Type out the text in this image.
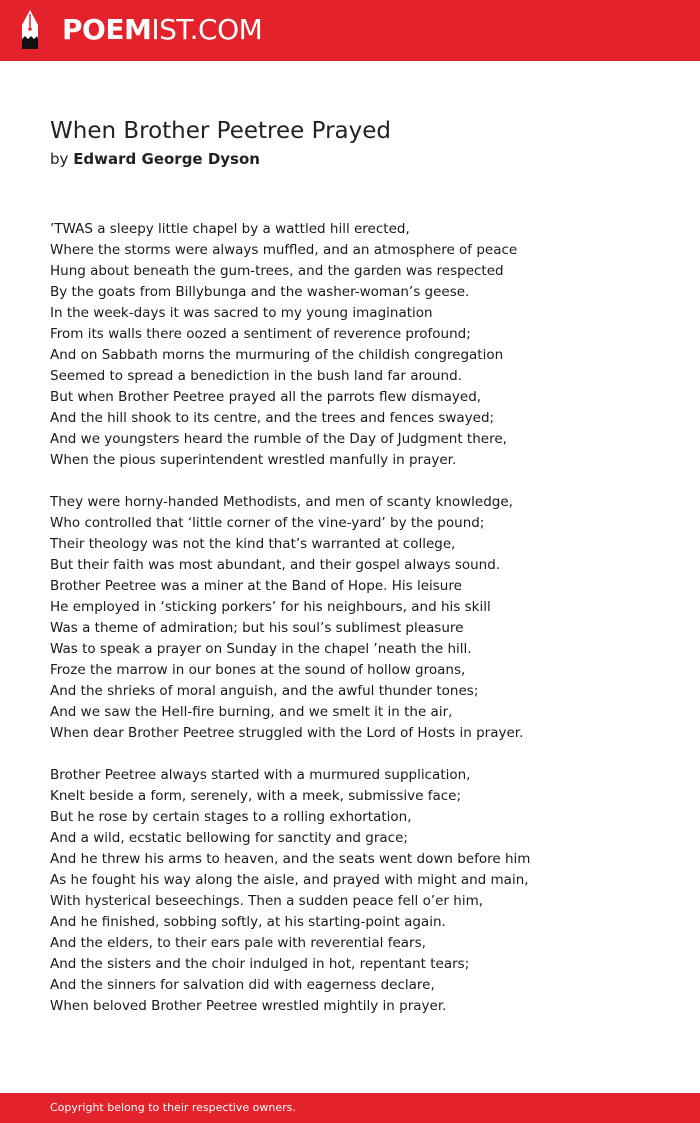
POEMIST.COM
When Brother Peetree Prayed
by Edward George Dyson
’TWAS a sleepy little chapel by a wattled hill erected,
Where the storms were always muffled, and an atmosphere of peace
Hung about beneath the gum-trees, and the garden was respected
By the goats from Billybunga and the washer-woman’s geese.
In the week-days it was sacred to my young imagination
From its walls there oozed a sentiment of reverence profound;
And on Sabbath morns the murmuring of the childish congregation
Seemed to spread a benediction in the bush land far around.
But when Brother Peetree prayed all the parrots flew dismayed,
And the hill shook to its centre, and the trees and fences swayed;
And we youngsters heard the rumble of the Day of Judgment there,
When the pious superintendent wrestled manfully in prayer.
They were horny-handed Methodists, and men of scanty knowledge,
Who controlled that ‘little corner of the vine-yard’ by the pound;
Their theology was not the kind that’s warranted at college,
But their faith was most abundant, and their gospel always sound.
Brother Peetree was a miner at the Band of Hope. His leisure
He employed in ‘sticking porkers’ for his neighbours, and his skill
Was a theme of admiration; but his soul’s sublimest pleasure
Was to speak a prayer on Sunday in the chapel ’neath the hill.
Froze the marrow in our bones at the sound of hollow groans,
And the shrieks of moral anguish, and the awful thunder tones;
And we saw the Hell-fire burning, and we smelt it in the air,
When dear Brother Peetree struggled with the Lord of Hosts in prayer.
Brother Peetree always started with a murmured supplication,
Knelt beside a form, serenely, with a meek, submissive face;
But he rose by certain stages to a rolling exhortation,
And a wild, ecstatic bellowing for sanctity and grace;
And he threw his arms to heaven, and the seats went down before him
As he fought his way along the aisle, and prayed with might and main,
With hysterical beseechings. Then a sudden peace fell o’er him,
And he finished, sobbing softly, at his starting-point again.
And the elders, to their ears pale with reverential fears,
And the sisters and the choir indulged in hot, repentant tears;
And the sinners for salvation did with eagerness declare,
When beloved Brother Peetree wrestled mightily in prayer.
Copyright belong to their respective owners.
